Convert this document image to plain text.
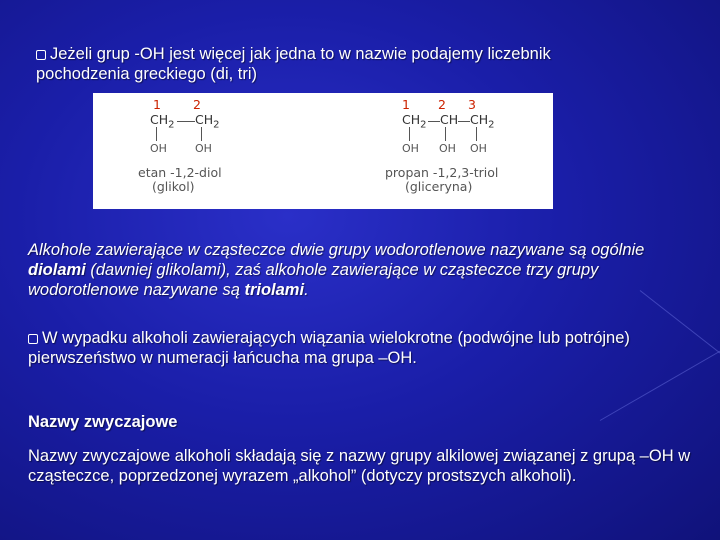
Jeżeli grup -OH jest więcej jak jedna to w nazwie podajemy liczebnik
pochodzenia greckiego (di, tri)
1	2
$CH_2$ $CH_2$
OH	OH
etan -1,2-diol
(glikol)
1 2 3
$CH_2$ CH $CH_2$
OH OH OH
propan -1,2,3-triol
(gliceryna)
Alkohole zawierające w cząsteczce dwie grupy wodorotlenowe nazywane są ogólnie diolami (dawniej glikolami), zaś alkohole zawierające w cząsteczce trzy grupy wodorotlenowe nazywane są triolami.
W wypadku alkoholi zawierających wiązania wielokrotne (podwójne lub potrójne) pierwszeństwo w numeracji łańcucha ma grupa –OH.
Nazwy zwyczajowe
Nazwy zwyczajowe alkoholi składają się z nazwy grupy alkilowej związanej z grupą –OH w cząsteczce, poprzedzonej wyrazem „alkohol” (dotyczy prostszych alkoholi).
